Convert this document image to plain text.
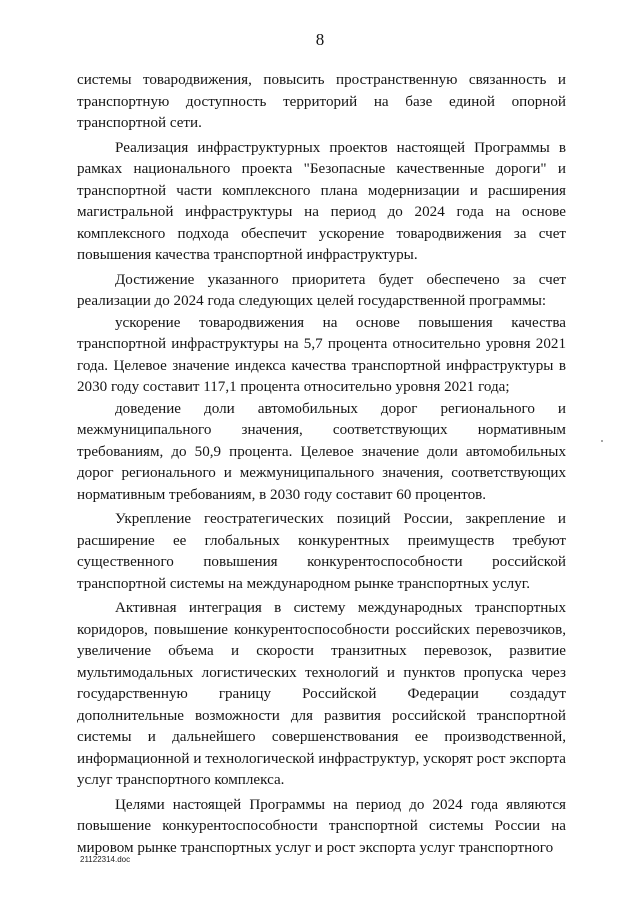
8

системы товародвижения, повысить пространственную связанность и транспортную доступность территорий на базе единой опорной транспортной сети.

Реализация инфраструктурных проектов настоящей Программы в рамках национального проекта "Безопасные качественные дороги" и транспортной части комплексного плана модернизации и расширения магистральной инфраструктуры на период до 2024 года на основе комплексного подхода обеспечит ускорение товародвижения за счет повышения качества транспортной инфраструктуры.

Достижение указанного приоритета будет обеспечено за счет реализации до 2024 года следующих целей государственной программы:

ускорение товародвижения на основе повышения качества транспортной инфраструктуры на 5,7 процента относительно уровня 2021 года. Целевое значение индекса качества транспортной инфраструктуры в 2030 году составит 117,1 процента относительно уровня 2021 года;

доведение доли автомобильных дорог регионального и межмуниципального значения, соответствующих нормативным требованиям, до 50,9 процента. Целевое значение доли автомобильных дорог регионального и межмуниципального значения, соответствующих нормативным требованиям, в 2030 году составит 60 процентов.

Укрепление геостратегических позиций России, закрепление и расширение ее глобальных конкурентных преимуществ требуют существенного повышения конкурентоспособности российской транспортной системы на международном рынке транспортных услуг.

Активная интеграция в систему международных транспортных коридоров, повышение конкурентоспособности российских перевозчиков, увеличение объема и скорости транзитных перевозок, развитие мультимодальных логистических технологий и пунктов пропуска через государственную границу Российской Федерации создадут дополнительные возможности для развития российской транспортной системы и дальнейшего совершенствования ее производственной, информационной и технологической инфраструктур, ускорят рост экспорта услуг транспортного комплекса.

Целями настоящей Программы на период до 2024 года являются повышение конкурентоспособности транспортной системы России на мировом рынке транспортных услуг и рост экспорта услуг транспортного

21122314.doc
